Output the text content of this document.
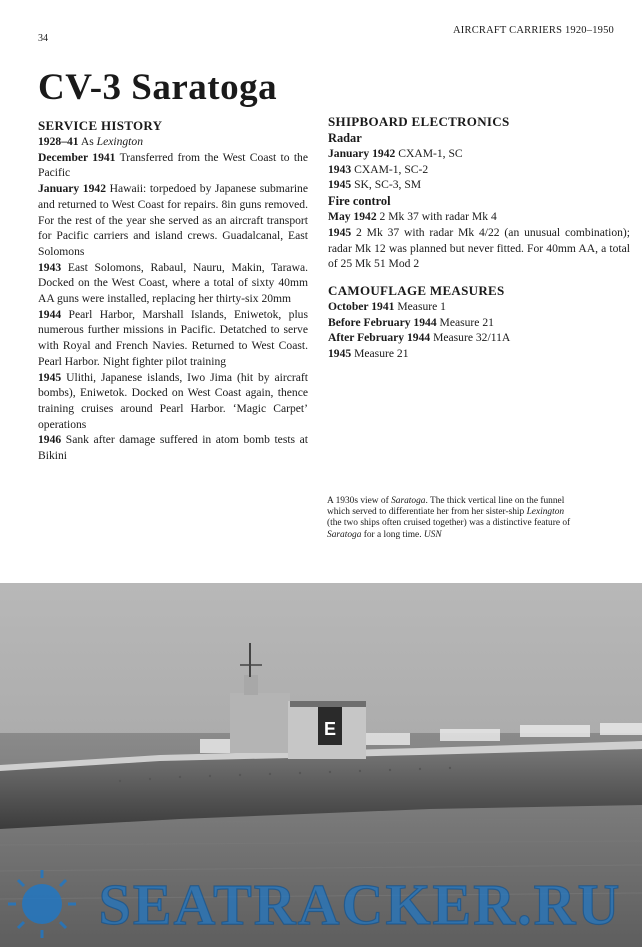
34
AIRCRAFT CARRIERS 1920–1950
CV-3 Saratoga
SERVICE HISTORY

1928–41 As Lexington

December 1941 Transferred from the West Coast to the Pacific

January 1942 Hawaii: torpedoed by Japanese submarine and returned to West Coast for repairs. 8in guns removed. For the rest of the year she served as an aircraft transport for Pacific carriers and island crews. Guadalcanal, East Solomons

1943 East Solomons, Rabaul, Nauru, Makin, Tarawa. Docked on the West Coast, where a total of sixty 40mm AA guns were installed, replacing her thirty-six 20mm

1944 Pearl Harbor, Marshall Islands, Eniwetok, plus numerous further missions in Pacific. Detatched to serve with Royal and French Navies. Returned to West Coast. Pearl Harbor. Night fighter pilot training

1945 Ulithi, Japanese islands, Iwo Jima (hit by aircraft bombs), Eniwetok. Docked on West Coast again, thence training cruises around Pearl Harbor. ‘Magic Carpet’ operations

1946 Sank after damage suffered in atom bomb tests at Bikini

SHIPBOARD ELECTRONICS
Radar

January 1942 CXAM-1, SC

1943 CXAM-1, SC-2

1945 SK, SC-3, SM

Fire control

May 1942 2 Mk 37 with radar Mk 4

1945 2 Mk 37 with radar Mk 4/22 (an unusual combination); radar Mk 12 was planned but never fitted. For 40mm AA, a total of 25 Mk 51 Mod 2

CAMOUFLAGE MEASURES

October 1941 Measure 1

Before February 1944 Measure 21

After February 1944 Measure 32/11A

1945 Measure 21

A 1930s view of Saratoga. The thick vertical line on the funnel which served to differentiate her from her sister-ship Lexington (the two ships often cruised together) was a distinctive feature of Saratoga for a long time. USN
E
SEATRACKER.RU
